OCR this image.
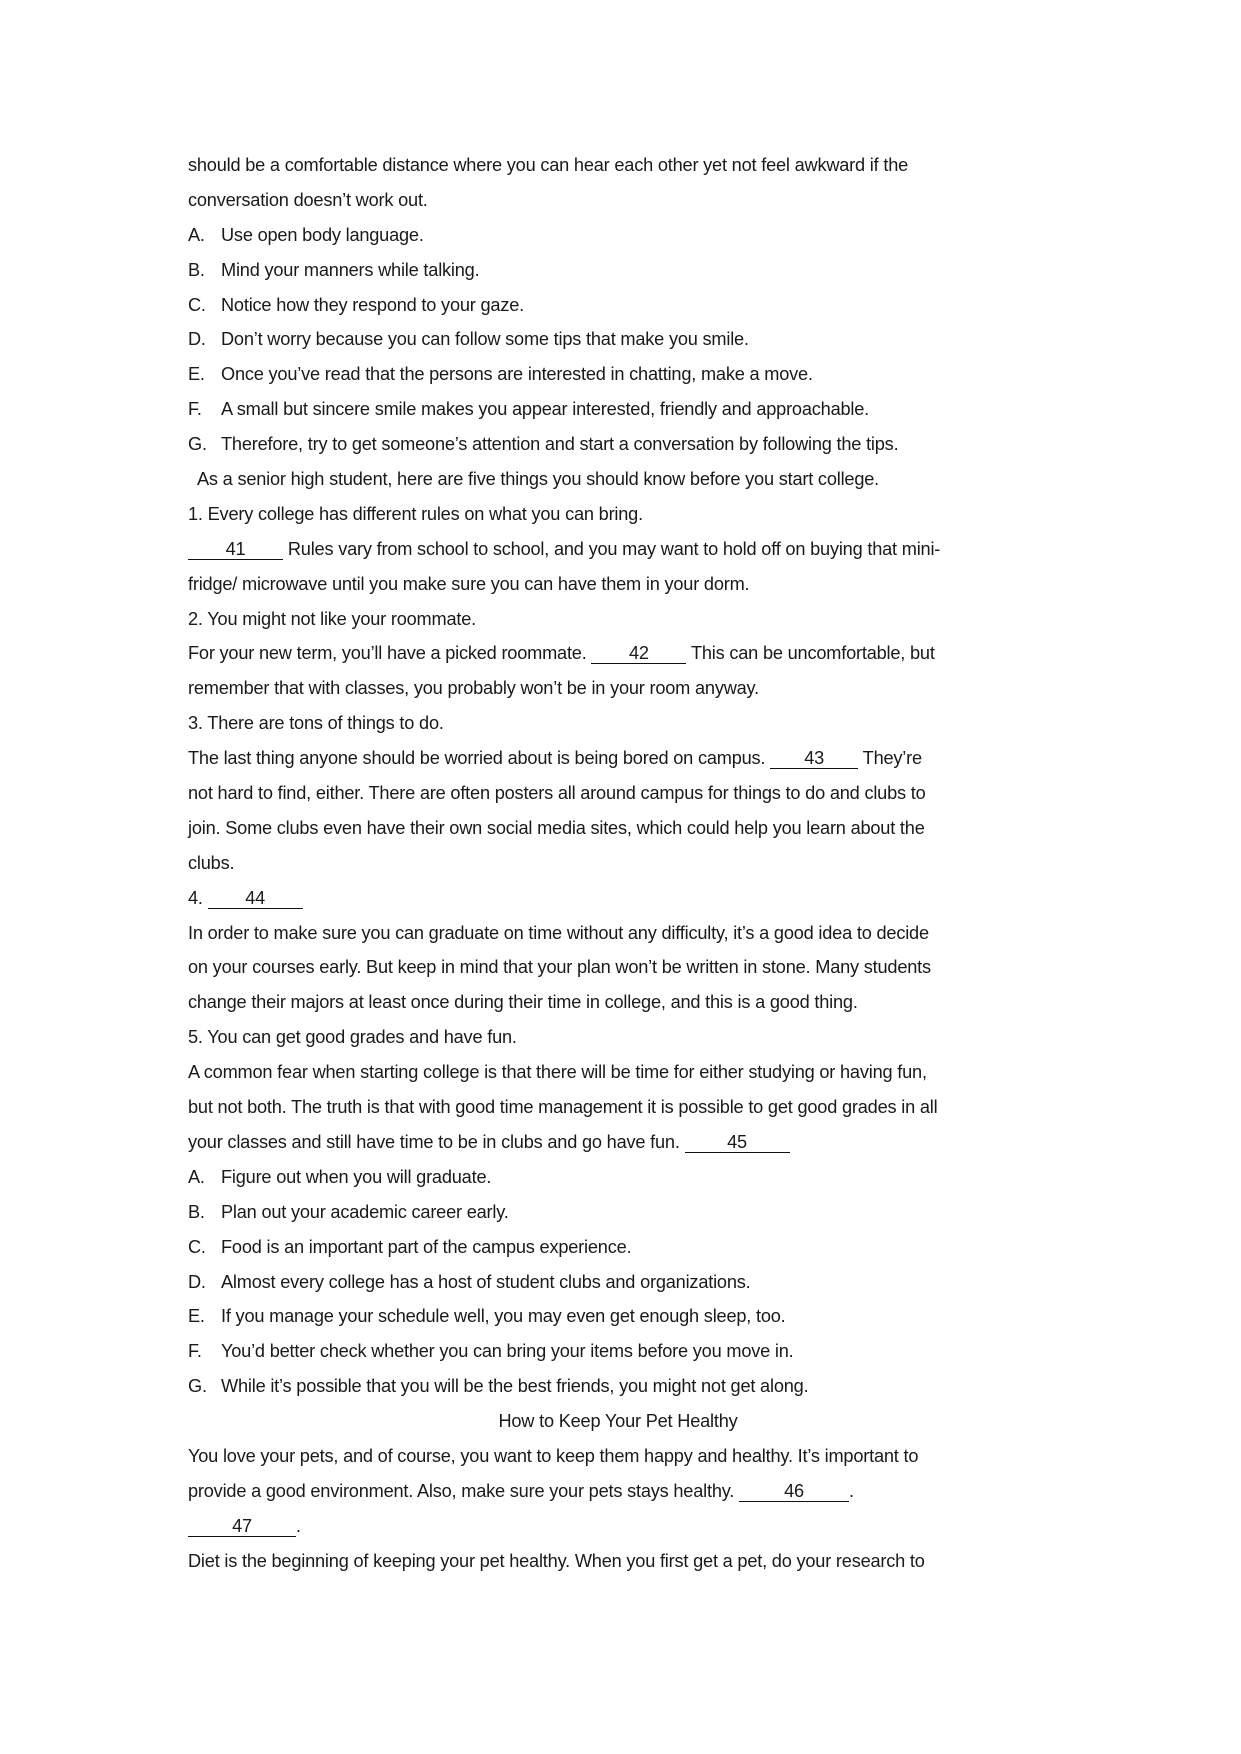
should be a comfortable distance where you can hear each other yet not feel awkward if the
conversation doesn’t work out.
A. Use open body language.
B. Mind your manners while talking.
C. Notice how they respond to your gaze.
D. Don’t worry because you can follow some tips that make you smile.
E. Once you’ve read that the persons are interested in chatting, make a move.
F. A small but sincere smile makes you appear interested, friendly and approachable.
G. Therefore, try to get someone’s attention and start a conversation by following the tips.
As a senior high student, here are five things you should know before you start college.
1. Every college has different rules on what you can bring.
41 Rules vary from school to school, and you may want to hold off on buying that mini-
fridge/ microwave until you make sure you can have them in your dorm.
2. You might not like your roommate.
For your new term, you’ll have a picked roommate. 42 This can be uncomfortable, but
remember that with classes, you probably won’t be in your room anyway.
3. There are tons of things to do.
The last thing anyone should be worried about is being bored on campus. 43 They’re
not hard to find, either. There are often posters all around campus for things to do and clubs to
join. Some clubs even have their own social media sites, which could help you learn about the
clubs.
4. 44
In order to make sure you can graduate on time without any difficulty, it’s a good idea to decide
on your courses early. But keep in mind that your plan won’t be written in stone. Many students
change their majors at least once during their time in college, and this is a good thing.
5. You can get good grades and have fun.
A common fear when starting college is that there will be time for either studying or having fun,
but not both. The truth is that with good time management it is possible to get good grades in all
your classes and still have time to be in clubs and go have fun. 45
A. Figure out when you will graduate.
B. Plan out your academic career early.
C. Food is an important part of the campus experience.
D. Almost every college has a host of student clubs and organizations.
E. If you manage your schedule well, you may even get enough sleep, too.
F. You’d better check whether you can bring your items before you move in.
G. While it’s possible that you will be the best friends, you might not get along.
How to Keep Your Pet Healthy
You love your pets, and of course, you want to keep them happy and healthy. It’s important to
provide a good environment. Also, make sure your pets stays healthy. 46 .
47 .
Diet is the beginning of keeping your pet healthy. When you first get a pet, do your research to
